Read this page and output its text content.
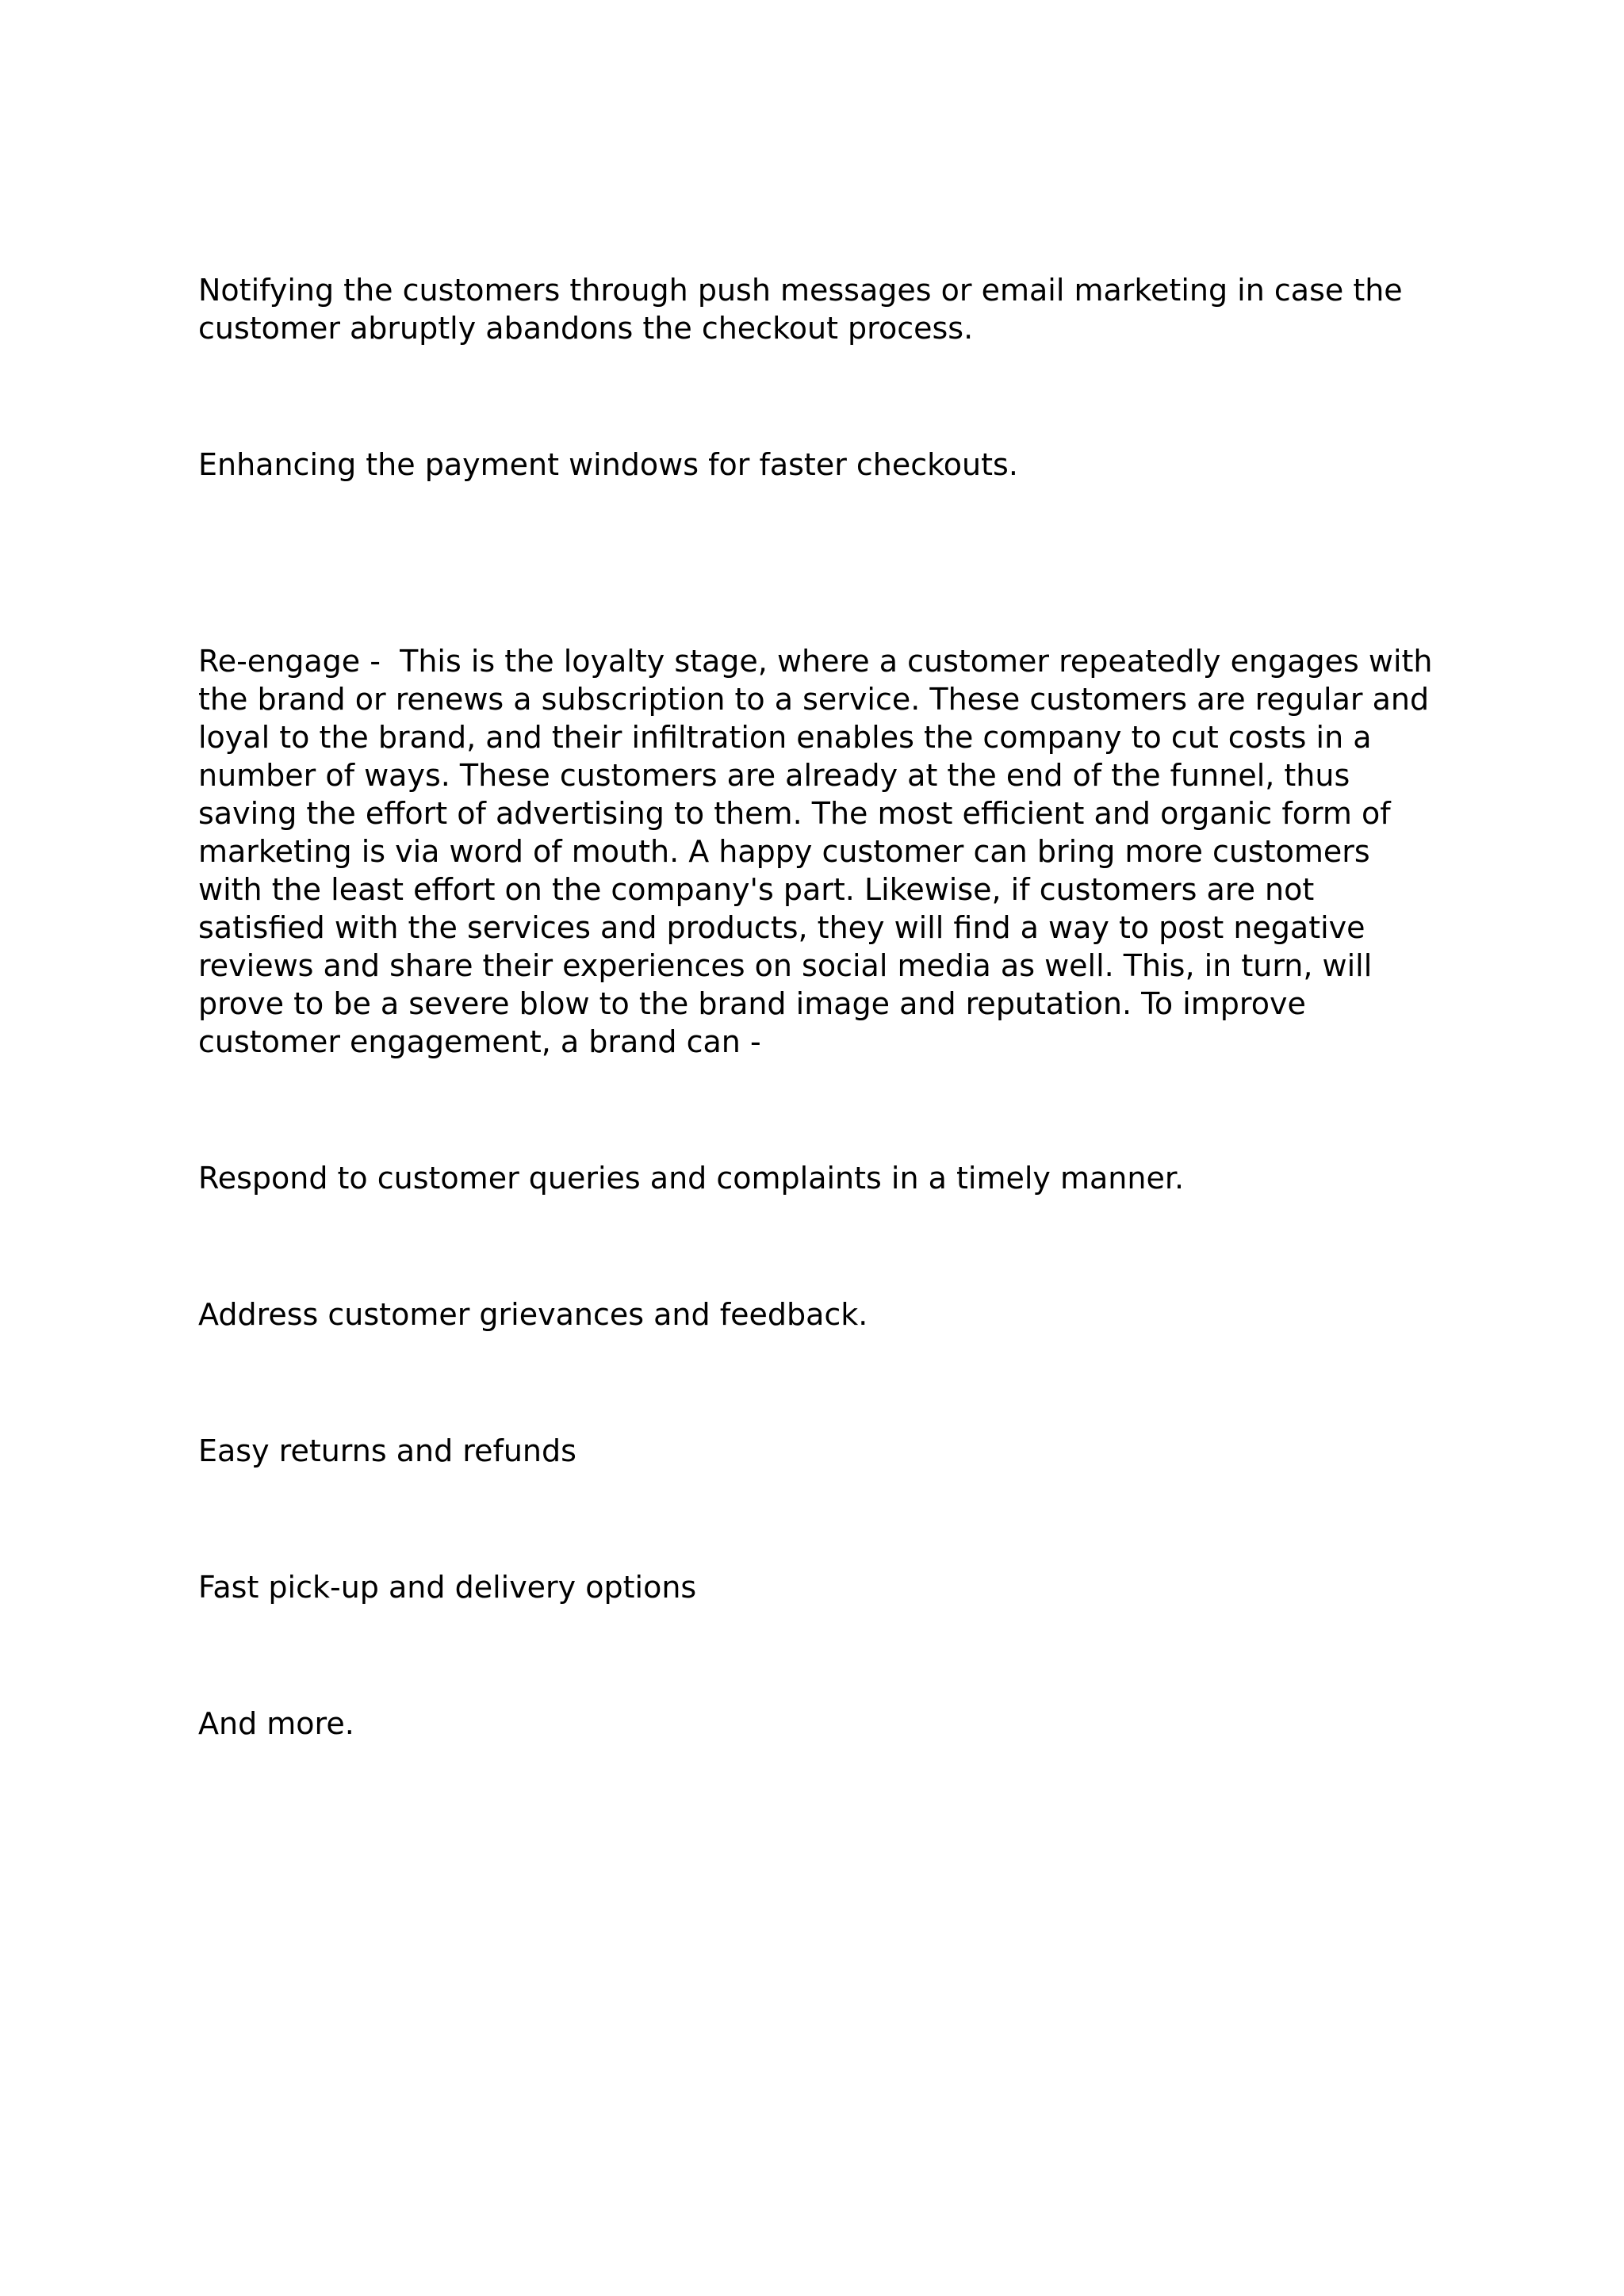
Notifying the customers through push messages or email marketing in case the customer abruptly abandons the checkout process.

Enhancing the payment windows for faster checkouts.

Re-engage -  This is the loyalty stage, where a customer repeatedly engages with the brand or renews a subscription to a service. These customers are regular and loyal to the brand, and their infiltration enables the company to cut costs in a number of ways. These customers are already at the end of the funnel, thus saving the effort of advertising to them. The most efficient and organic form of marketing is via word of mouth. A happy customer can bring more customers with the least effort on the company's part. Likewise, if customers are not satisfied with the services and products, they will find a way to post negative reviews and share their experiences on social media as well. This, in turn, will prove to be a severe blow to the brand image and reputation. To improve customer engagement, a brand can -

Respond to customer queries and complaints in a timely manner.

Address customer grievances and feedback.

Easy returns and refunds

Fast pick-up and delivery options

And more.
